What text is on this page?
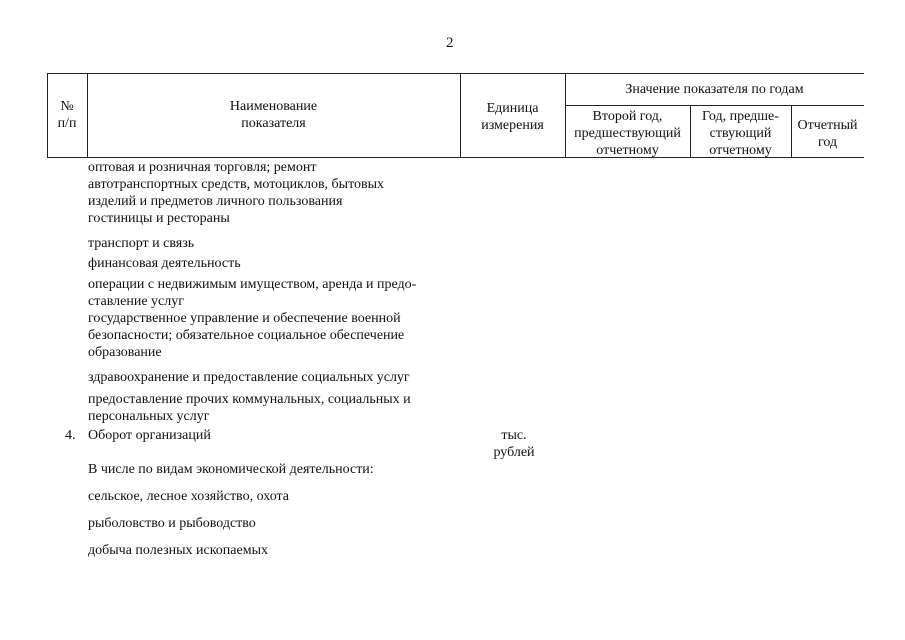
2
№
п/п
Наименование
показателя
Единица
измерения
Значение показателя по годам
Второй год,
предшествующий
отчетному
Год, предше-
ствующий
отчетному
Отчетный
год
оптовая и розничная торговля; ремонт
автотранспортных средств, мотоциклов, бытовых
изделий и предметов личного пользования
гостиницы и рестораны
транспорт и связь
финансовая деятельность
операции с недвижимым имуществом, аренда и предо-
ставление услуг
государственное управление и обеспечение военной
безопасности; обязательное социальное обеспечение
образование
здравоохранение и предоставление социальных услуг
предоставление прочих коммунальных, социальных и
персональных услуг
4. Оборот организаций	тыс.
рублей
В числе по видам экономической деятельности:
сельское, лесное хозяйство, охота
рыболовство и рыбоводство
добыча полезных ископаемых
